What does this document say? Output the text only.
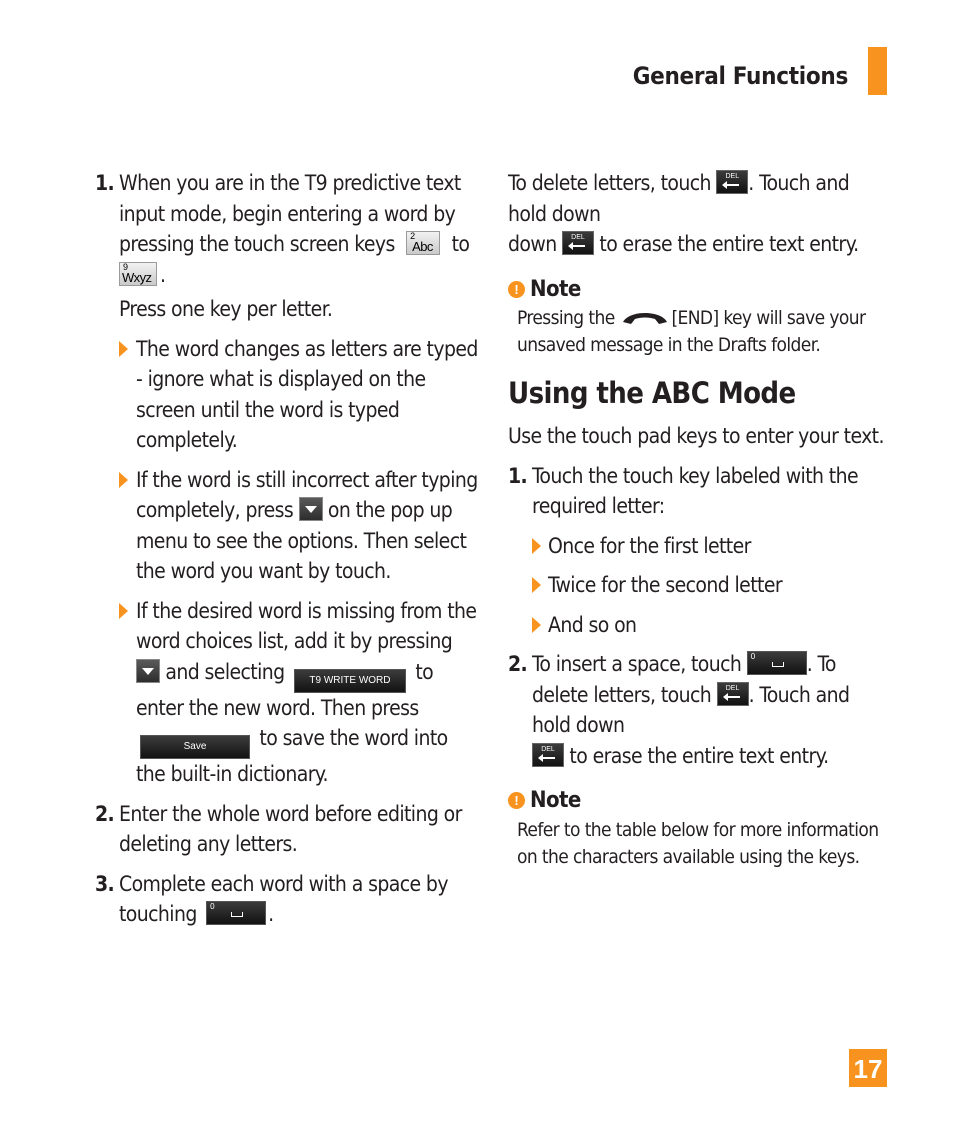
General Functions
1. When you are in the T9 predictive text input mode, begin entering a word by pressing the touch screen keys 2
Abc to

9
Wxyz .
Press one key per letter.
The word changes as letters are typed - ignore what is displayed on the screen until the word is typed completely.
If the word is still incorrect after typing completely, press on the pop up menu to see the options. Then select the word you want by touch.
If the desired word is missing from the word choices list, add it by pressing  and selecting T9 WRITE WORD to enter the new word. Then press Save	to save the word into the built-in dictionary.
2. Enter the whole word before editing or deleting any letters.
3. Complete each word with a space by touching 0	.
To delete letters, touch	DEL . Touch and hold down
down	DEL to erase the entire text entry.
! Note
Pressing the	[END] key will save your unsaved message in the Drafts folder.
Using the ABC Mode
Use the touch pad keys to enter your text.
1. Touch the touch key labeled with the required letter:
Once for the first letter
Twice for the second letter
And so on
2. To insert a space, touch 0 . To delete letters, touch	DEL . Touch and hold down

DEL to erase the entire text entry.
! Note
Refer to the table below for more information on the characters available using the keys.
17
